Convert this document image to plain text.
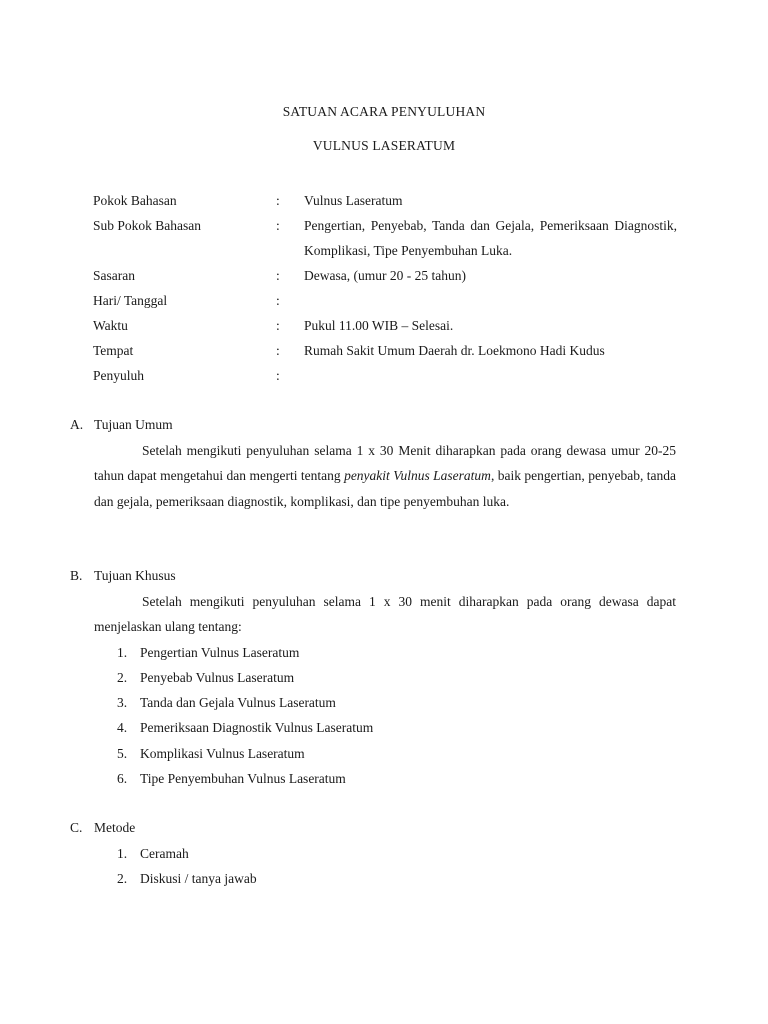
SATUAN ACARA PENYULUHAN
VULNUS LASERATUM
Pokok Bahasan	:	Vulnus Laseratum
Sub Pokok Bahasan	:	Pengertian, Penyebab, Tanda dan Gejala, Pemeriksaan Diagnostik, Komplikasi, Tipe Penyembuhan Luka.
Sasaran	:	Dewasa, (umur 20 - 25 tahun)
Hari/ Tanggal	:
Waktu	:	Pukul 11.00 WIB – Selesai.
Tempat	:	Rumah Sakit Umum Daerah dr. Loekmono Hadi Kudus
Penyuluh	:
A. Tujuan Umum
Setelah mengikuti penyuluhan selama 1 x 30 Menit diharapkan pada orang dewasa umur 20-25 tahun dapat mengetahui dan mengerti tentang penyakit Vulnus Laseratum, baik pengertian, penyebab, tanda dan gejala, pemeriksaan diagnostik, komplikasi, dan tipe penyembuhan luka.
B. Tujuan Khusus
Setelah mengikuti penyuluhan selama 1 x 30 menit diharapkan pada orang dewasa dapat menjelaskan ulang tentang:
1. Pengertian Vulnus Laseratum
2. Penyebab Vulnus Laseratum
3. Tanda dan Gejala Vulnus Laseratum
4. Pemeriksaan Diagnostik Vulnus Laseratum
5. Komplikasi Vulnus Laseratum
6. Tipe Penyembuhan Vulnus Laseratum
C. Metode
1. Ceramah
2. Diskusi / tanya jawab
